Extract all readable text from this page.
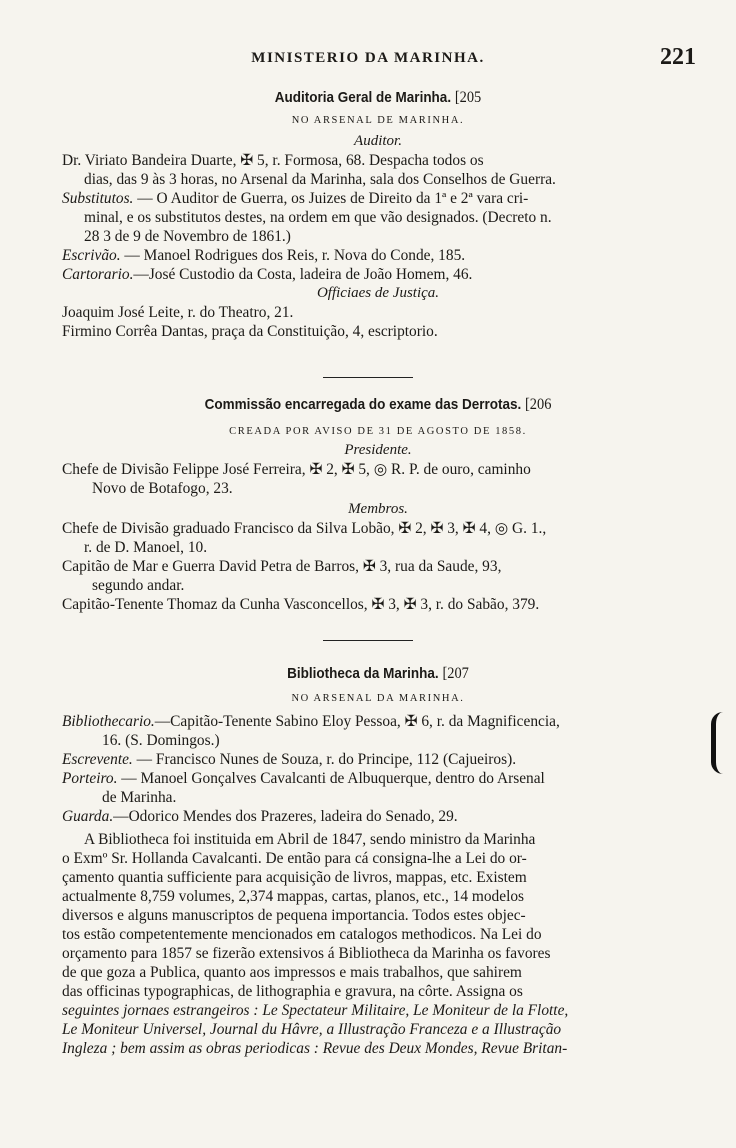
MINISTERIO DA MARINHA.	221
Auditoria Geral de Marinha. [205
NO ARSENAL DE MARINHA.
Auditor.
Dr. Viriato Bandeira Duarte, ✠ 5, r. Formosa, 68. Despacha todos os
dias, das 9 às 3 horas, no Arsenal da Marinha, sala dos Conselhos de Guerra.
Substitutos. — O Auditor de Guerra, os Juizes de Direito da 1ª e 2ª vara cri-
minal, e os substitutos destes, na ordem em que vão designados. (Decreto n.
28 3 de 9 de Novembro de 1861.)
Escrivão. — Manoel Rodrigues dos Reis, r. Nova do Conde, 185.
Cartorario.—José Custodio da Costa, ladeira de João Homem, 46.
Officiaes de Justiça.
Joaquim José Leite, r. do Theatro, 21.
Firmino Corrêa Dantas, praça da Constituição, 4, escriptorio.
Commissão encarregada do exame das Derrotas. [206
CREADA POR AVISO DE 31 DE AGOSTO DE 1858.
Presidente.
Chefe de Divisão Felippe José Ferreira, ✠ 2, ✠ 5, ◎ R. P. de ouro, caminho
Novo de Botafogo, 23.
Membros.
Chefe de Divisão graduado Francisco da Silva Lobão, ✠ 2, ✠ 3, ✠ 4, ◎ G. 1.,
r. de D. Manoel, 10.
Capitão de Mar e Guerra David Petra de Barros, ✠ 3, rua da Saude, 93,
segundo andar.
Capitão-Tenente Thomaz da Cunha Vasconcellos, ✠ 3, ✠ 3, r. do Sabão, 379.
Bibliotheca da Marinha. [207
NO ARSENAL DA MARINHA.
Bibliothecario.—Capitão-Tenente Sabino Eloy Pessoa, ✠ 6, r. da Magnificencia,
16. (S. Domingos.)
Escrevente. — Francisco Nunes de Souza, r. do Principe, 112 (Cajueiros).
Porteiro. — Manoel Gonçalves Cavalcanti de Albuquerque, dentro do Arsenal
de Marinha.
Guarda.—Odorico Mendes dos Prazeres, ladeira do Senado, 29.
A Bibliotheca foi instituida em Abril de 1847, sendo ministro da Marinha
o Exmº Sr. Hollanda Cavalcanti. De então para cá consigna-lhe a Lei do or-
çamento quantia sufficiente para acquisição de livros, mappas, etc. Existem
actualmente 8,759 volumes, 2,374 mappas, cartas, planos, etc., 14 modelos
diversos e alguns manuscriptos de pequena importancia. Todos estes objec-
tos estão competentemente mencionados em catalogos methodicos. Na Lei do
orçamento para 1857 se fizerão extensivos á Bibliotheca da Marinha os favores
de que goza a Publica, quanto aos impressos e mais trabalhos, que sahirem
das officinas typographicas, de lithographia e gravura, na côrte. Assigna os
seguintes jornaes estrangeiros : Le Spectateur Militaire, Le Moniteur de la Flotte,
Le Moniteur Universel, Journal du Hâvre, a Illustração Franceza e a Illustração
Ingleza ; bem assim as obras periodicas : Revue des Deux Mondes, Revue Britan-
